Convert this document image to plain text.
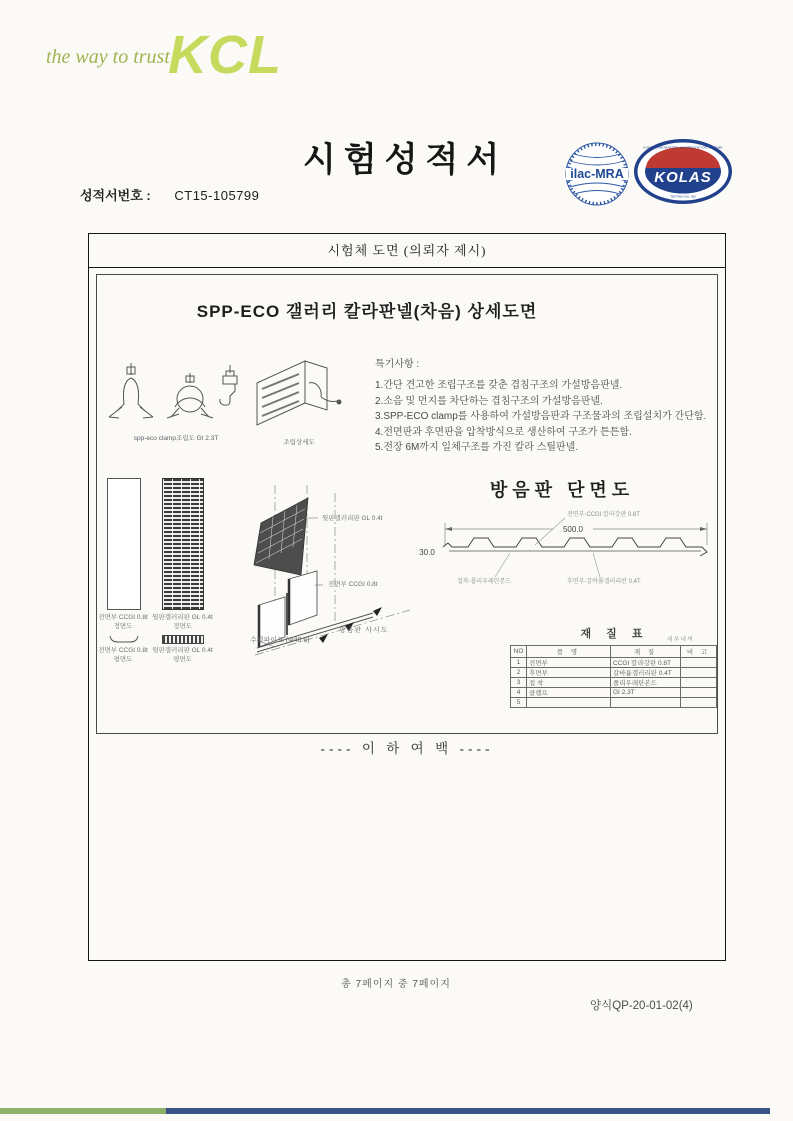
the way to trust
KCL
시험성적서
성적서번호 : CT15-105799
ilac-MRA
KOREA LABORATORY ACCREDITATION SCHEME
KOLAS
TESTING NO. 052
시험체 도면 (의뢰자 제시)
SPP-ECO 갤러리 칼라판넬(차음) 상세도면
spp-eco clamp조립도 GI 2.3T
조립상세도
특기사항 :
1.간단 견고한 조립구조를 갖춘 겹침구조의 가설방음판넬.
2.소음 및 먼지를 차단하는 겹침구조의 가설방음판넬.
3.SPP-ECO clamp를 사용하여 가설방음판과 구조물과의 조립설치가 간단함.
4.전면판과 후면판을 압착방식으로 생산하여 구조가 튼튼함.
5.전장 6M까지 일체구조를 가진 칼라 스틸판넬.
전면부 CCGI 0.8t
정면도
전면부 CCGI 0.8t
평면도
뒷판갤러리판 GL 0.4t
정면도
뒷판갤러리판 GL 0.4t
평면도
뒷판갤러리판 GL 0.4t
전면부 CCGI 0.8t
수평파이프 (Φ48.6)
방음판 사시도
방음판 단면도
500.0
30.0
전면부-CCGI 칼라강판 0.8T
접착-폴리우레탄본드	후면부-갈바륨갤러리판 0.4T
재 질 표	세부내역
NO	품 명	재 질	비 고
1	전면부	CCGI 칼라강판 0.8T	
2	후면부	갈바륨갤러리판 0.4T	
3	접 착	폴리우레탄본드	
4	클램프	GI 2.3T	
5			
---- 이 하 여 백 ----
총 7페이지 중 7페이지
양식QP-20-01-02(4)
